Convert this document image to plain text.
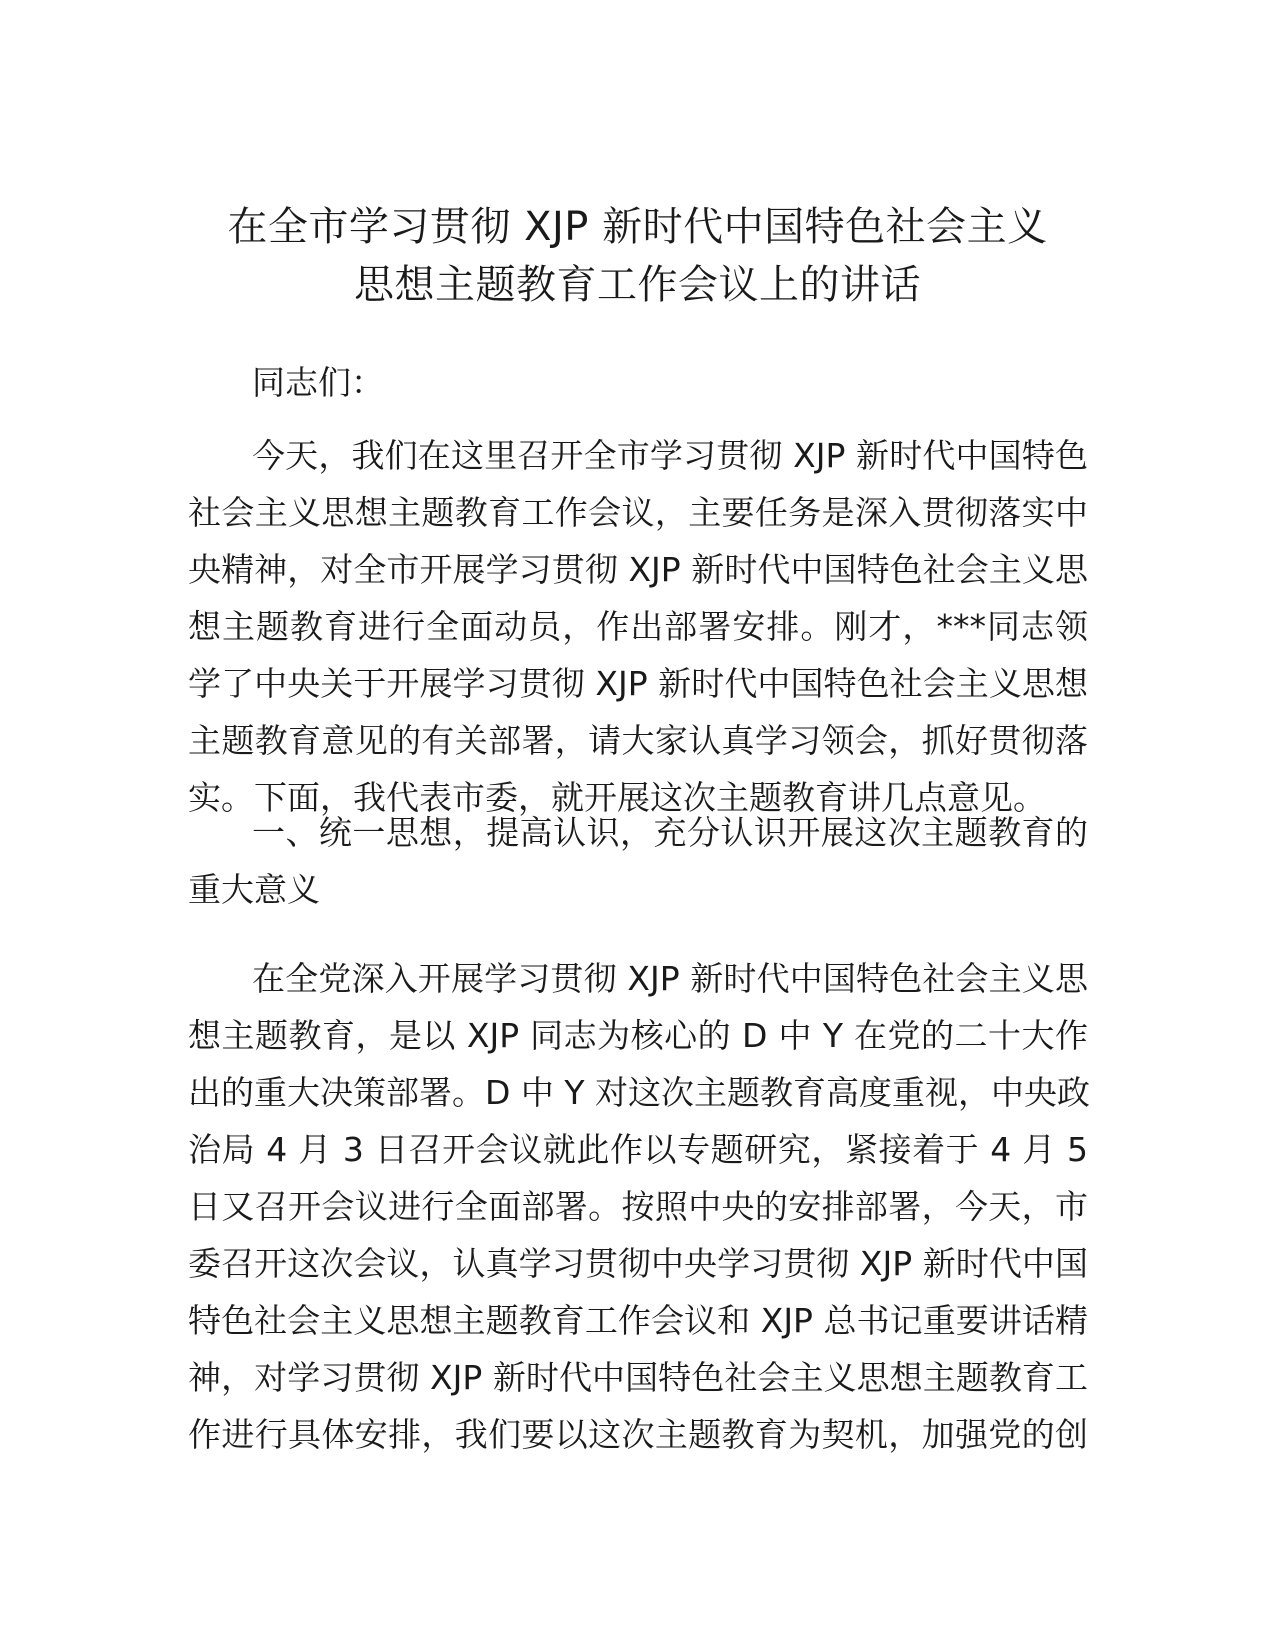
在全市学习贯彻 XJP 新时代中国特色社会主义
思想主题教育工作会议上的讲话
同志们：
今天，我们在这里召开全市学习贯彻 XJP 新时代中国特色
社会主义思想主题教育工作会议，主要任务是深入贯彻落实中
央精神，对全市开展学习贯彻 XJP 新时代中国特色社会主义思
想主题教育进行全面动员，作出部署安排。刚才，***同志领
学了中央关于开展学习贯彻 XJP 新时代中国特色社会主义思想
主题教育意见的有关部署，请大家认真学习领会，抓好贯彻落
实。下面，我代表市委，就开展这次主题教育讲几点意见。
一、统一思想，提高认识，充分认识开展这次主题教育的
重大意义
在全党深入开展学习贯彻 XJP 新时代中国特色社会主义思
想主题教育，是以 XJP 同志为核心的 D 中 Y 在党的二十大作
出的重大决策部署。D 中 Y 对这次主题教育高度重视，中央政
治局 4 月 3 日召开会议就此作以专题研究，紧接着于 4 月 5
日又召开会议进行全面部署。按照中央的安排部署，今天，市
委召开这次会议，认真学习贯彻中央学习贯彻 XJP 新时代中国
特色社会主义思想主题教育工作会议和 XJP 总书记重要讲话精
神，对学习贯彻 XJP 新时代中国特色社会主义思想主题教育工
作进行具体安排，我们要以这次主题教育为契机，加强党的创
